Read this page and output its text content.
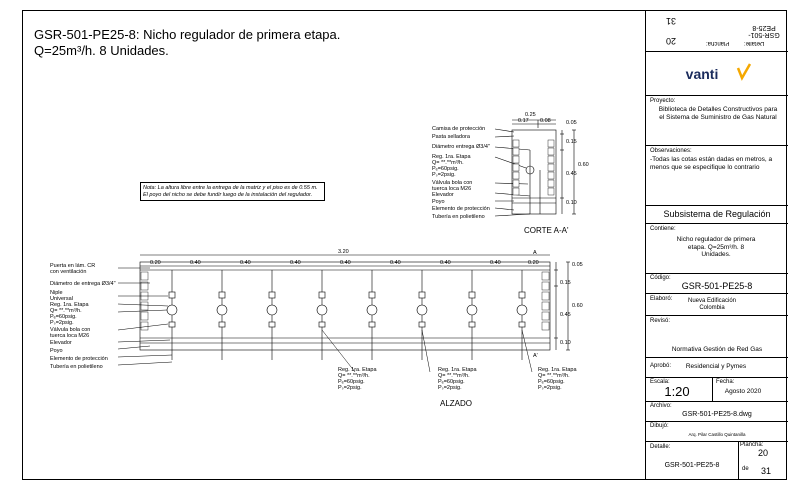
GSR-501-PE25-8: Nicho regulador de primera etapa.
Q=25m³/h. 8 Unidades.
Nota: La altura libre entre la entrega de la matriz y el piso es de 0.55 m. El poyo del nicho se debe fundir luego de la instalación del regulador.
Camisa de protección
Pasta selladora
Diámetro entrega Ø3/4"
Reg. 1ra. Etapa
Q= **.**m³/h.
Pₑ=60psig.
Pₛ=2psig.
Válvula bola con
tuerca loca M26
Elevador
Poyo
Elemento de protección
Tubería en polietileno
0.25
0.17 0.08	0.05
0.15
0.60
0.45
0.10
CORTE A-A'
3.20
0.20	0.40	0.40	0.40	0.40	0.40	0.40	0.40	0.20
A
A'
0.05
0.15
0.60
0.45
0.10
Puerta en lám. CR
con ventilación
Diámetro de entrega Ø3/4"
Niple
Universal
Reg. 1ra. Etapa
Q= **.**m³/h.
Pₑ=60psig.
Pₛ=2psig.
Válvula bola con
tuerca loca M26
Elevador
Poyo
Elemento de protección
Tubería en polietileno	Reg. 1ra. Etapa
Q= **.**m³/h.
Pₑ=60psig.
Pₛ=2psig.
Reg. 1ra. Etapa
Q= **.**m³/h.
Pₑ=60psig.
Pₛ=2psig.
Reg. 1ra. Etapa
Q= **.**m³/h.
Pₑ=60psig.
Pₛ=2psig.
ALZADO
Detalle:
GSR-501-PE25-8
Plancha:
20
31
vanti
Proyecto:
Biblioteca de Detalles Constructivos para el Sistema de Suministro de Gas Natural
Observaciones:
-Todas las cotas están dadas en metros, a menos que se especifique lo contrario
Subsistema de Regulación
Contiene:
Nicho regulador de primera etapa. Q=25m³/h. 8 Unidades.
Código:
GSR-501-PE25-8
Elaboró:	Nueva Edificación Colombia
Revisó:
Normativa Gestión de Red Gas
Aprobó:	Residencial y Pymes
Escala:
1:20
Fecha:
Agosto 2020
Archivo:
GSR-501-PE25-8.dwg
Dibujó:
Arq. Pilar Castillo Quintanilla
Detalle:
GSR-501-PE25-8
Plancha:
20
de	31
